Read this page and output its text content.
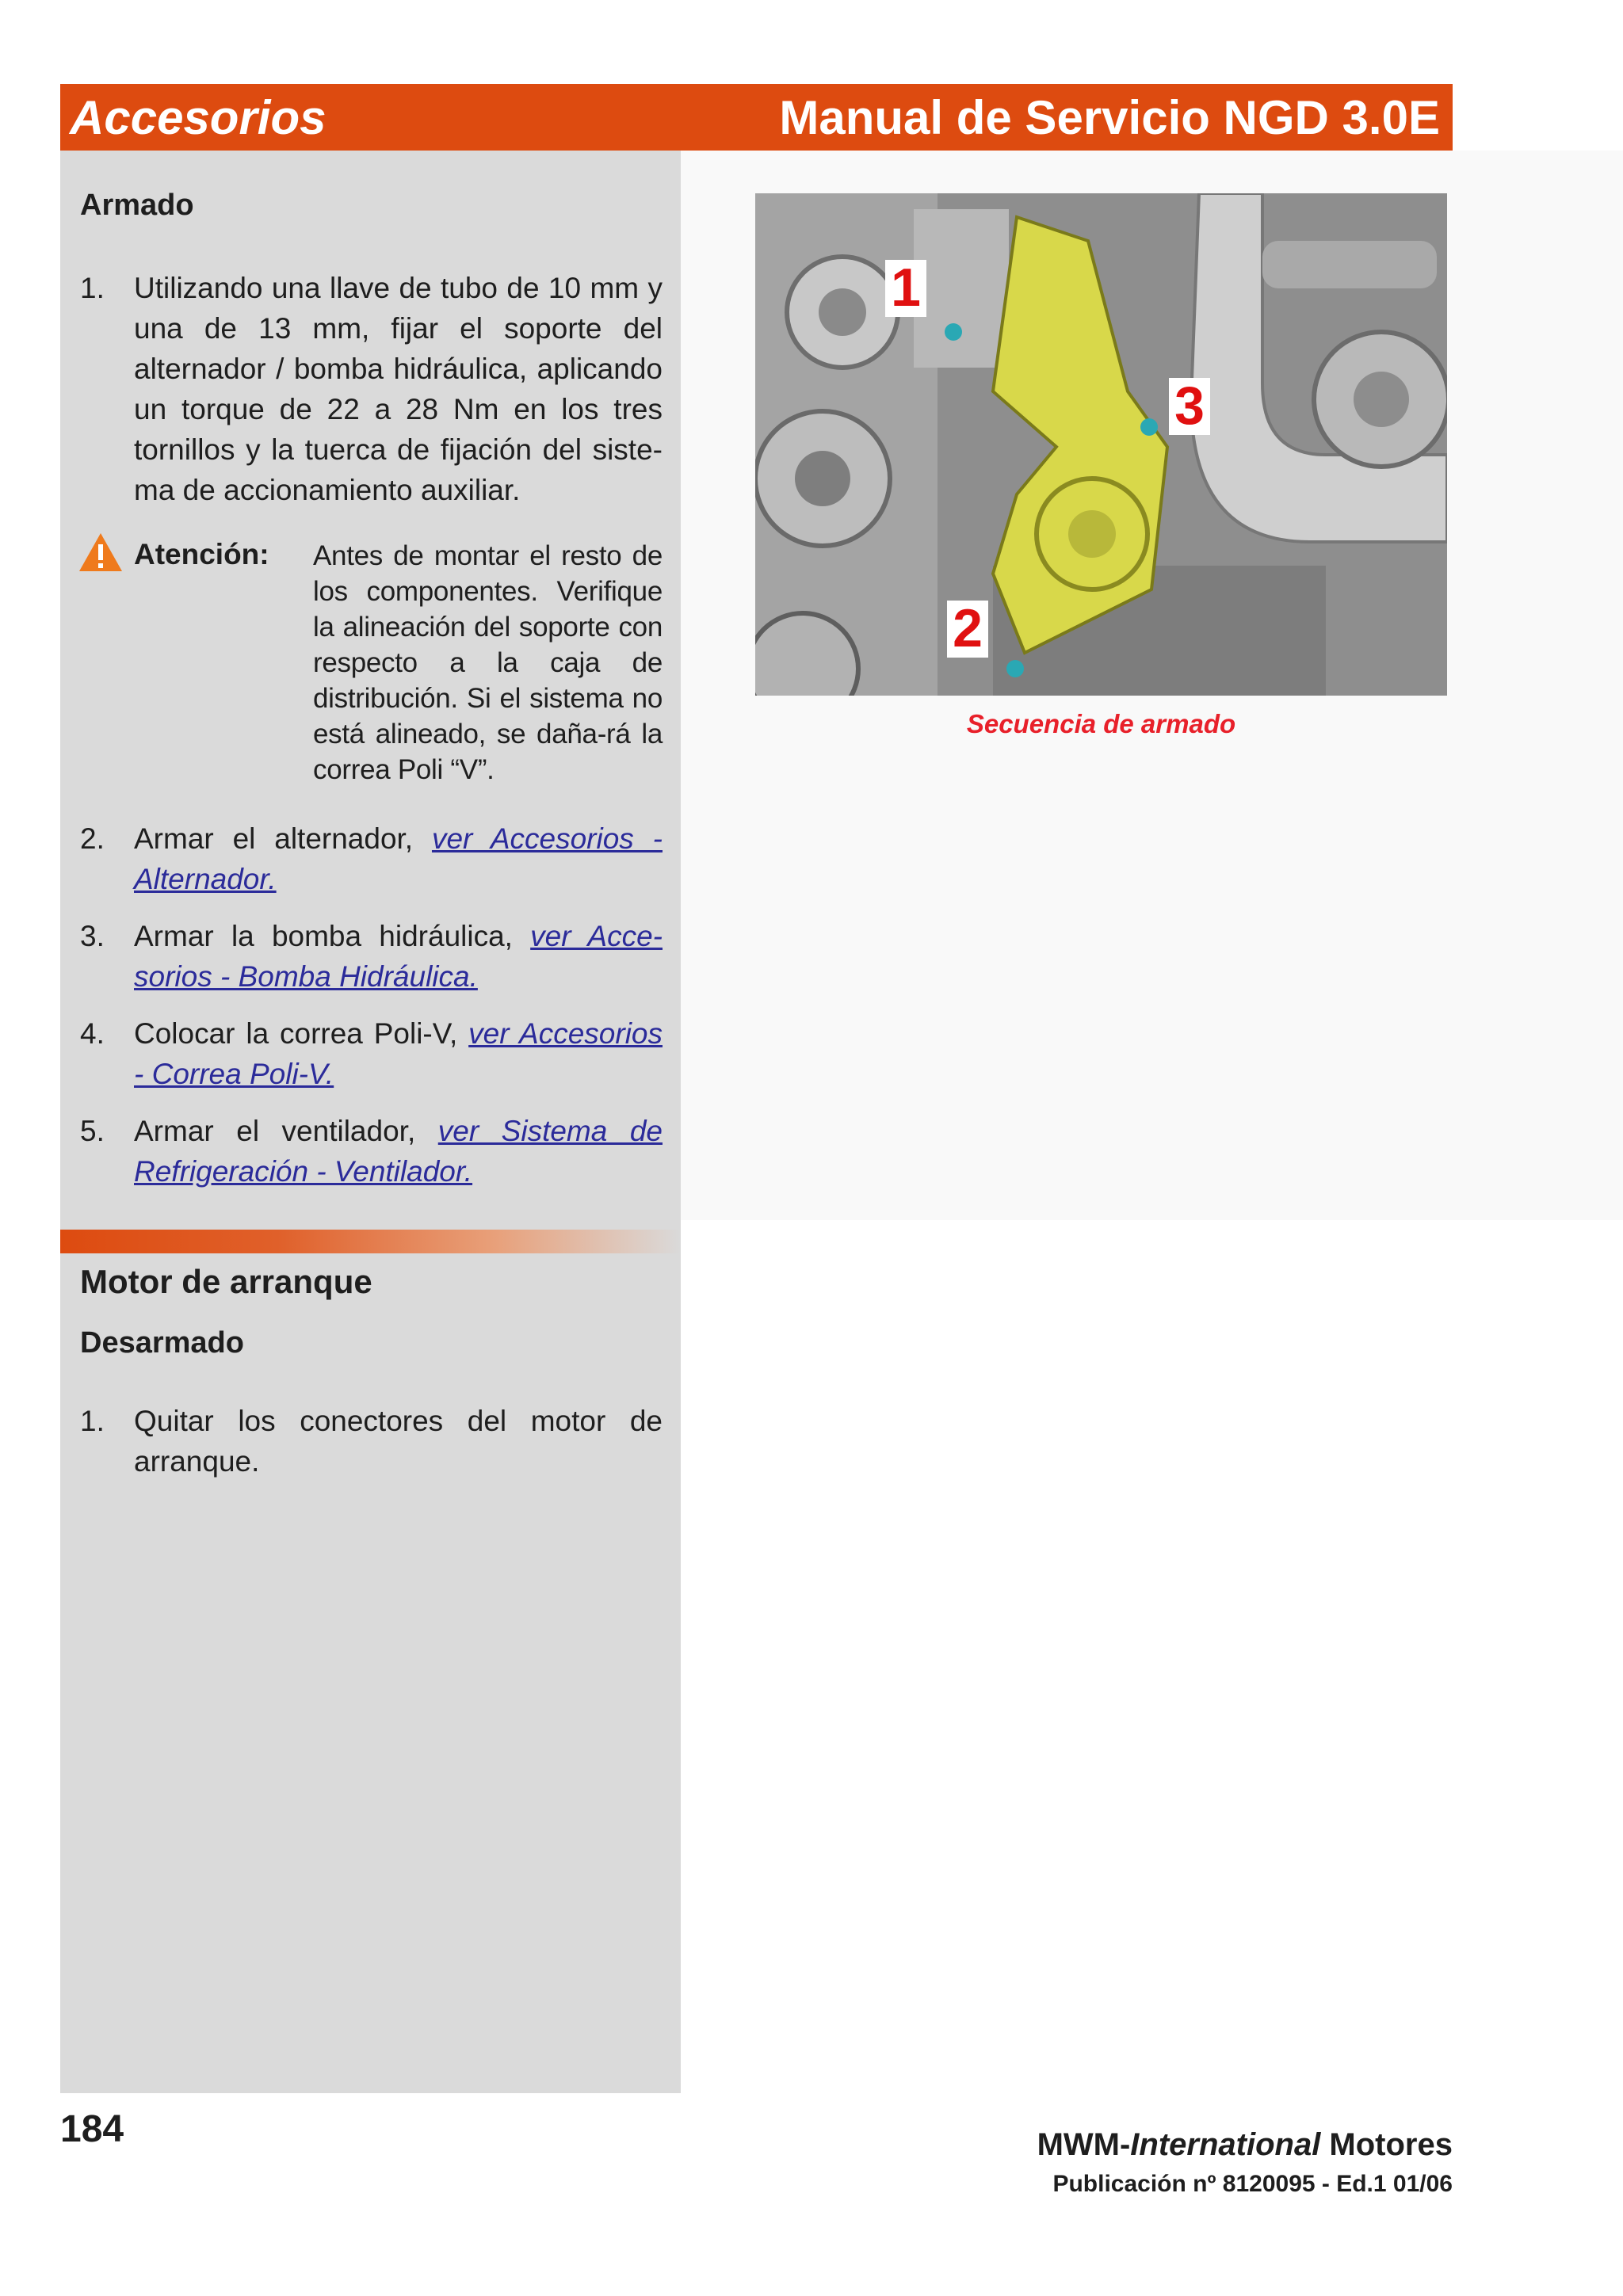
Accesorios	Manual de Servicio NGD 3.0E
Armado
1. Utilizando una llave de tubo de 10 mm y una de 13 mm, fijar el soporte del alternador / bomba hidráulica, aplicando un torque de 22 a 28 Nm en los tres tornillos y la tuerca de fijación del siste-ma de accionamiento auxiliar.
Atención: Antes de montar el resto de los componentes. Verifique la alineación del soporte con respecto a la caja de distribución. Si el sistema no está alineado, se daña-rá la correa Poli “V”.
2. Armar el alternador, ver Accesorios - Alternador.
3. Armar la bomba hidráulica, ver Acce-sorios - Bomba Hidráulica.
4. Colocar la correa Poli-V, ver Accesorios - Correa Poli-V.
5. Armar el ventilador, ver Sistema de Refrigeración - Ventilador.
Motor de arranque
Desarmado
1. Quitar los conectores del motor de arranque.
1
3
2
Secuencia de armado
184	MWM-International Motores
Publicación nº 8120095 - Ed.1 01/06
